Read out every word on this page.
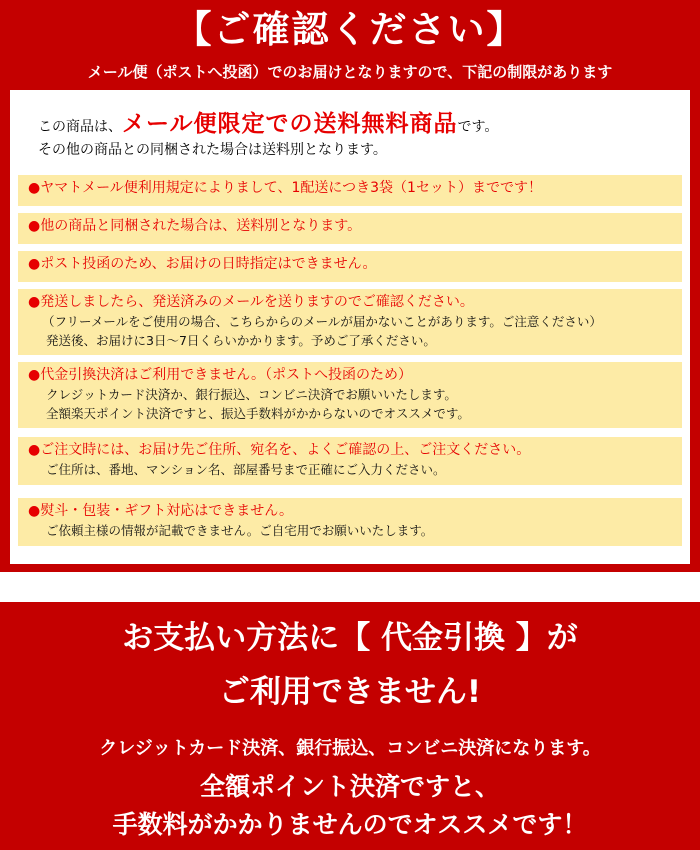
【ご確認ください】
メール便（ポストへ投函）でのお届けとなりますので、下記の制限があります
この商品は、メール便限定での送料無料商品です。
その他の商品との同梱された場合は送料別となります。
●ヤマトメール便利用規定によりまして、1配送につき3袋（1セット）までです！
●他の商品と同梱された場合は、送料別となります。
●ポスト投函のため、お届けの日時指定はできません。
●発送しましたら、発送済みのメールを送りますのでご確認ください。
（フリーメールをご使用の場合、こちらからのメールが届かないことがあります。ご注意ください）
発送後、お届けに3日～7日くらいかかります。予めご了承ください。
●代金引換決済はご利用できません。（ポストへ投函のため）
クレジットカード決済か、銀行振込、コンビニ決済でお願いいたします。
全額楽天ポイント決済ですと、振込手数料がかからないのでオススメです。
●ご注文時には、お届け先ご住所、宛名を、よくご確認の上、ご注文ください。
ご住所は、番地、マンション名、部屋番号まで正確にご入力ください。
●熨斗・包装・ギフト対応はできません。
ご依頼主様の情報が記載できません。ご自宅用でお願いいたします。
お支払い方法に【 代金引換 】が
ご利用できません!
クレジットカード決済、銀行振込、コンビニ決済になります。
全額ポイント決済ですと、
手数料がかかりませんのでオススメです！
